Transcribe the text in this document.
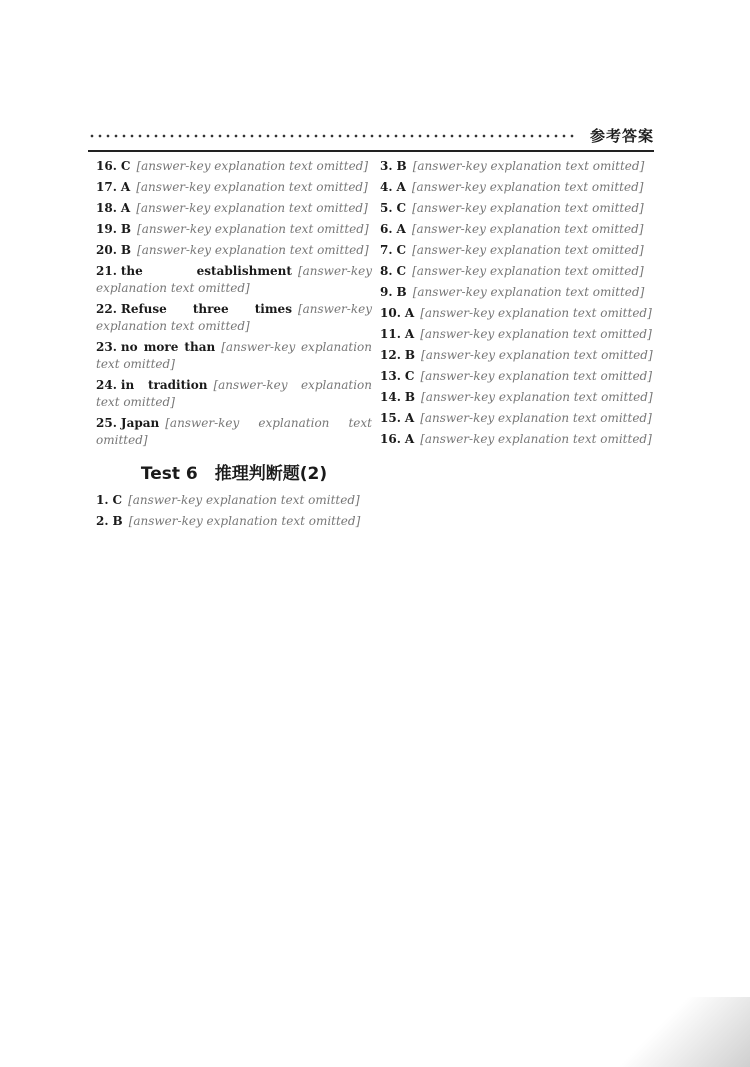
参考答案
16. C [answer-key explanation text omitted]
17. A [answer-key explanation text omitted]
18. A [answer-key explanation text omitted]
19. B [answer-key explanation text omitted]
20. B [answer-key explanation text omitted]
21. the establishment [answer-key explanation text omitted]
22. Refuse three times [answer-key explanation text omitted]
23. no more than [answer-key explanation text omitted]
24. in tradition [answer-key explanation text omitted]
25. Japan [answer-key explanation text omitted]
Test 6　推理判断题(2)
1. C [answer-key explanation text omitted]
2. B [answer-key explanation text omitted]
3. B [answer-key explanation text omitted]
4. A [answer-key explanation text omitted]
5. C [answer-key explanation text omitted]
6. A [answer-key explanation text omitted]
7. C [answer-key explanation text omitted]
8. C [answer-key explanation text omitted]
9. B [answer-key explanation text omitted]
10. A [answer-key explanation text omitted]
11. A [answer-key explanation text omitted]
12. B [answer-key explanation text omitted]
13. C [answer-key explanation text omitted]
14. B [answer-key explanation text omitted]
15. A [answer-key explanation text omitted]
16. A [answer-key explanation text omitted]
